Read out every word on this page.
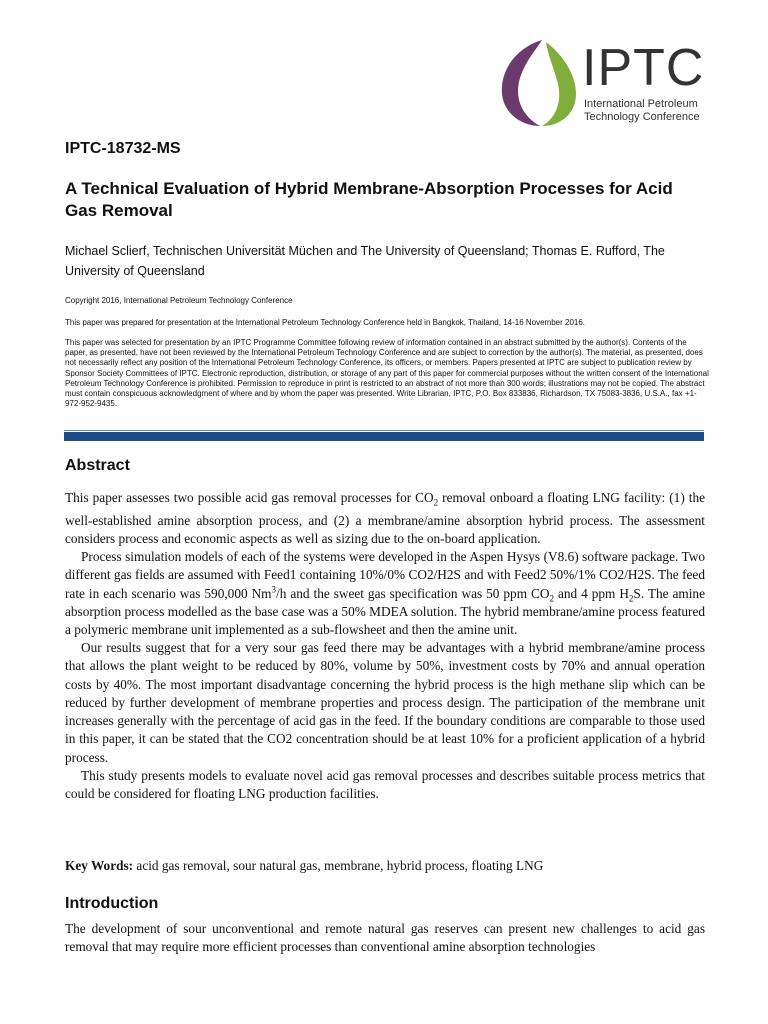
IPTC
International Petroleum
Technology Conference
IPTC-18732-MS
A Technical Evaluation of Hybrid Membrane-Absorption Processes for Acid Gas Removal
Michael Sclierf, Technischen Universität Müchen and The University of Queensland; Thomas E. Rufford, The University of Queensland
Copyright 2016, International Petroleum Technology Conference
This paper was prepared for presentation at the International Petroleum Technology Conference held in Bangkok, Thailand, 14-16 November 2016.
This paper was selected for presentation by an IPTC Programme Committee following review of information contained in an abstract submitted by the author(s). Contents of the paper, as presented, have not been reviewed by the International Petroleum Technology Conference and are subject to correction by the author(s). The material, as presented, does not necessarily reflect any position of the International Petroleum Technology Conference, its officers, or members. Papers presented at IPTC are subject to publication review by Sponsor Society Committees of IPTC. Electronic reproduction, distribution, or storage of any part of this paper for commercial purposes without the written consent of the International Petroleum Technology Conference is prohibited. Permission to reproduce in print is restricted to an abstract of not more than 300 words; illustrations may not be copied. The abstract must contain conspicuous acknowledgment of where and by whom the paper was presented. Write Librarian, IPTC, P.O. Box 833836, Richardson, TX 75083-3836, U.S.A., fax +1-972-952-9435.
Abstract

This paper assesses two possible acid gas removal processes for $CO_2$ removal onboard a floating LNG facility: (1) the well-established amine absorption process, and (2) a membrane/amine absorption hybrid process. The assessment considers process and economic aspects as well as sizing due to the on-board application.

Process simulation models of each of the systems were developed in the Aspen Hysys (V8.6) software package. Two different gas fields are assumed with Feed1 containing 10%/0% CO2/H2S and with Feed2 50%/1% CO2/H2S. The feed rate in each scenario was 590,000 Nm$^3$/h and the sweet gas specification was 50 ppm $CO_2$ and 4 ppm $H_2S$. The amine absorption process modelled as the base case was a 50% MDEA solution. The hybrid membrane/amine process featured a polymeric membrane unit implemented as a sub-flowsheet and then the amine unit.

Our results suggest that for a very sour gas feed there may be advantages with a hybrid membrane/amine process that allows the plant weight to be reduced by 80%, volume by 50%, investment costs by 70% and annual operation costs by 40%. The most important disadvantage concerning the hybrid process is the high methane slip which can be reduced by further development of membrane properties and process design. The participation of the membrane unit increases generally with the percentage of acid gas in the feed. If the boundary conditions are comparable to those used in this paper, it can be stated that the CO2 concentration should be at least 10% for a proficient application of a hybrid process.

This study presents models to evaluate novel acid gas removal processes and describes suitable process metrics that could be considered for floating LNG production facilities.

Key Words: acid gas removal, sour natural gas, membrane, hybrid process, floating LNG
Introduction

The development of sour unconventional and remote natural gas reserves can present new challenges to acid gas removal that may require more efficient processes than conventional amine absorption technologies
